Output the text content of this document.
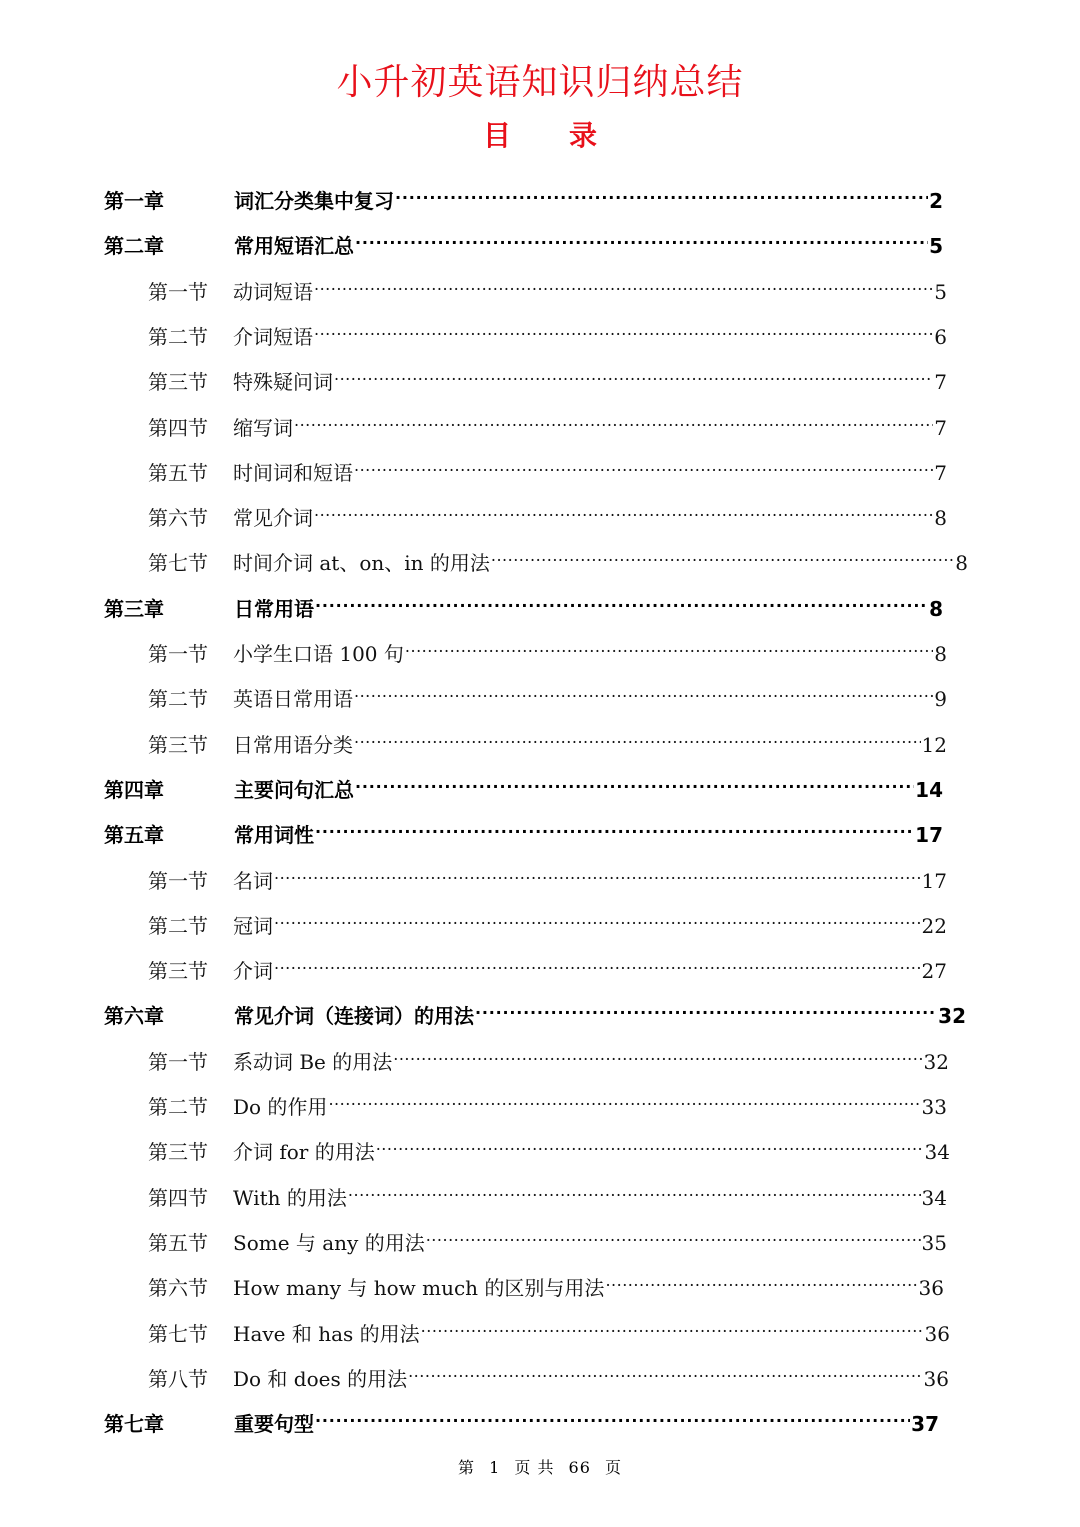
小升初英语知识归纳总结
目 录
第一章	词汇分类集中复习 .....	2
第二章	常用短语汇总 .....	5
第一节	动词短语 .....	5
第二节	介词短语 .....	6
第三节	特殊疑问词 .....	7
第四节	缩写词 .....	7
第五节	时间词和短语 .....	7
第六节	常见介词 .....	8
第七节	时间介词 at、on、in 的用法 .....	8
第三章	日常用语 .....	8
第一节	小学生口语 100 句 .....	8
第二节	英语日常用语 .....	9
第三节	日常用语分类 .....	12
第四章	主要问句汇总 .....	14
第五章	常用词性 .....	17
第一节	名词 .....	17
第二节	冠词 .....	22
第三节	介词 .....	27
第六章	常见介词（连接词）的用法 .....	32
第一节	系动词 Be 的用法 .....	32
第二节	Do 的作用 .....	33
第三节	介词 for 的用法 .....	34
第四节	With 的用法 .....	34
第五节	Some 与 any 的用法 .....	35
第六节	How many 与 how much 的区别与用法 .....	36
第七节	Have 和 has 的用法 .....	36
第八节	Do 和 does 的用法 .....	36
第七章	重要句型 .....	37
第 1 页 共 66 页
